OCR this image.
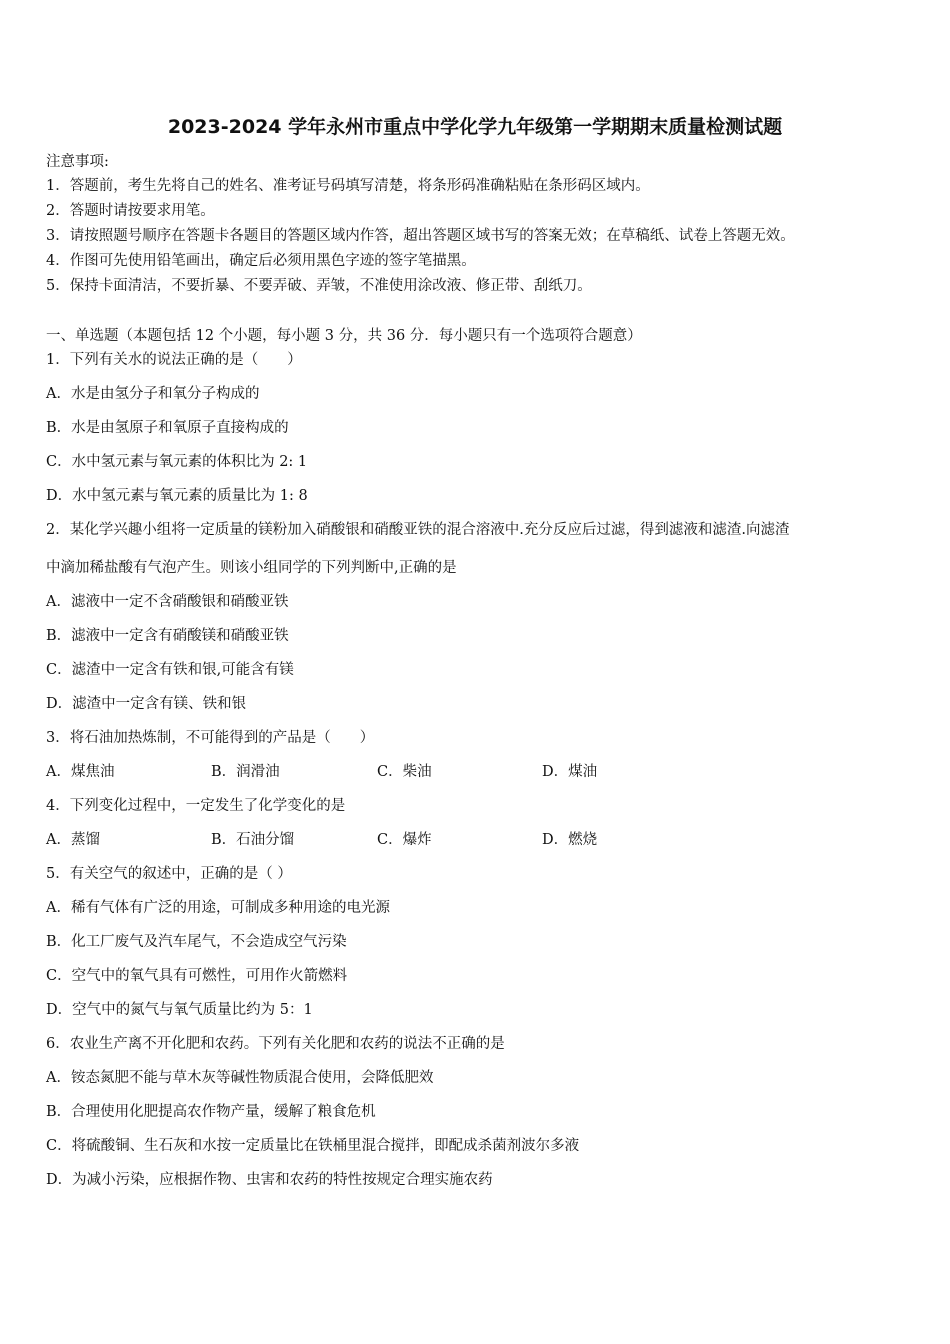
2023-2024 学年永州市重点中学化学九年级第一学期期末质量检测试题
注意事项:
1．答题前，考生先将自己的姓名、准考证号码填写清楚，将条形码准确粘贴在条形码区域内。
2．答题时请按要求用笔。
3．请按照题号顺序在答题卡各题目的答题区域内作答，超出答题区域书写的答案无效；在草稿纸、试卷上答题无效。
4．作图可先使用铅笔画出，确定后必须用黑色字迹的签字笔描黑。
5．保持卡面清洁，不要折暴、不要弄破、弄皱，不准使用涂改液、修正带、刮纸刀。
一、单选题（本题包括 12 个小题，每小题 3 分，共 36 分．每小题只有一个选项符合题意）
1．下列有关水的说法正确的是（　　）
A．水是由氢分子和氧分子构成的
B．水是由氢原子和氧原子直接构成的
C．水中氢元素与氧元素的体积比为 2: 1
D．水中氢元素与氧元素的质量比为 1: 8
2．某化学兴趣小组将一定质量的镁粉加入硝酸银和硝酸亚铁的混合溶液中.充分反应后过滤，得到滤液和滤渣.向滤渣
中滴加稀盐酸有气泡产生。则该小组同学的下列判断中,正确的是
A．滤液中一定不含硝酸银和硝酸亚铁
B．滤液中一定含有硝酸镁和硝酸亚铁
C．滤渣中一定含有铁和银,可能含有镁
D．滤渣中一定含有镁、铁和银
3．将石油加热炼制，不可能得到的产品是（　　）
A．煤焦油	B．润滑油	C．柴油	D．煤油
4．下列变化过程中，一定发生了化学变化的是
A．蒸馏	B．石油分馏	C．爆炸	D．燃烧
5．有关空气的叙述中，正确的是（ ）
A．稀有气体有广泛的用途，可制成多种用途的电光源
B．化工厂废气及汽车尾气，不会造成空气污染
C．空气中的氧气具有可燃性，可用作火箭燃料
D．空气中的氮气与氧气质量比约为 5：1
6．农业生产离不开化肥和农药。下列有关化肥和农药的说法不正确的是
A．铵态氮肥不能与草木灰等碱性物质混合使用，会降低肥效
B．合理使用化肥提高农作物产量，缓解了粮食危机
C．将硫酸铜、生石灰和水按一定质量比在铁桶里混合搅拌，即配成杀菌剂波尔多液
D．为减小污染，应根据作物、虫害和农药的特性按规定合理实施农药
